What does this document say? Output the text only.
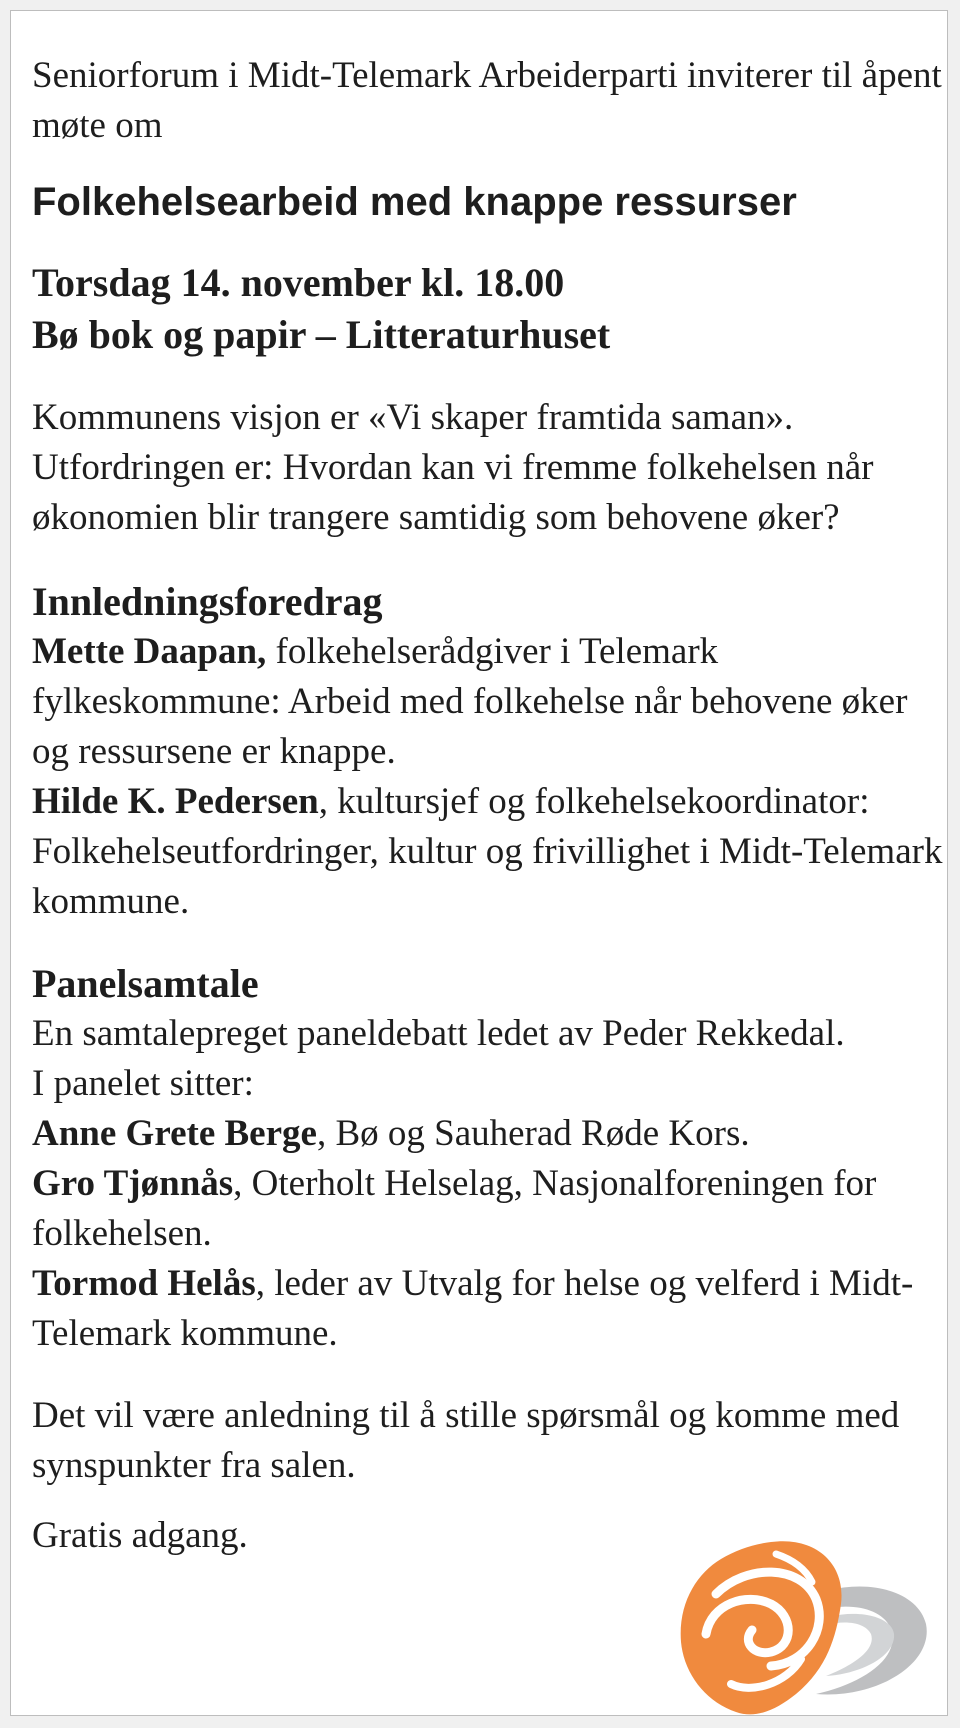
Seniorforum i Midt-Telemark Arbeiderparti inviterer til åpent møte om

Folkehelsearbeid med knappe ressurser

Torsdag 14. november kl. 18.00

Bø bok og papir – Litteraturhuset

Kommunens visjon er «Vi skaper framtida saman». Utfordringen er: Hvordan kan vi fremme folkehelsen når økonomien blir trangere samtidig som behovene øker?

Innledningsforedrag

Mette Daapan, folkehelserådgiver i Telemark fylkeskommune: Arbeid med folkehelse når behovene øker og ressursene er knappe.

Hilde K. Pedersen, kultursjef og folkehelsekoordinator: Folkehelseutfordringer, kultur og frivillighet i Midt-Telemark kommune.

Panelsamtale

En samtalepreget paneldebatt ledet av Peder Rekkedal.

I panelet sitter:

Anne Grete Berge, Bø og Sauherad Røde Kors.

Gro Tjønnås, Oterholt Helselag, Nasjonalforeningen for folkehelsen.

Tormod Helås, leder av Utvalg for helse og velferd i Midt-Telemark kommune.

Det vil være anledning til å stille spørsmål og komme med synspunkter fra salen.

Gratis adgang.
